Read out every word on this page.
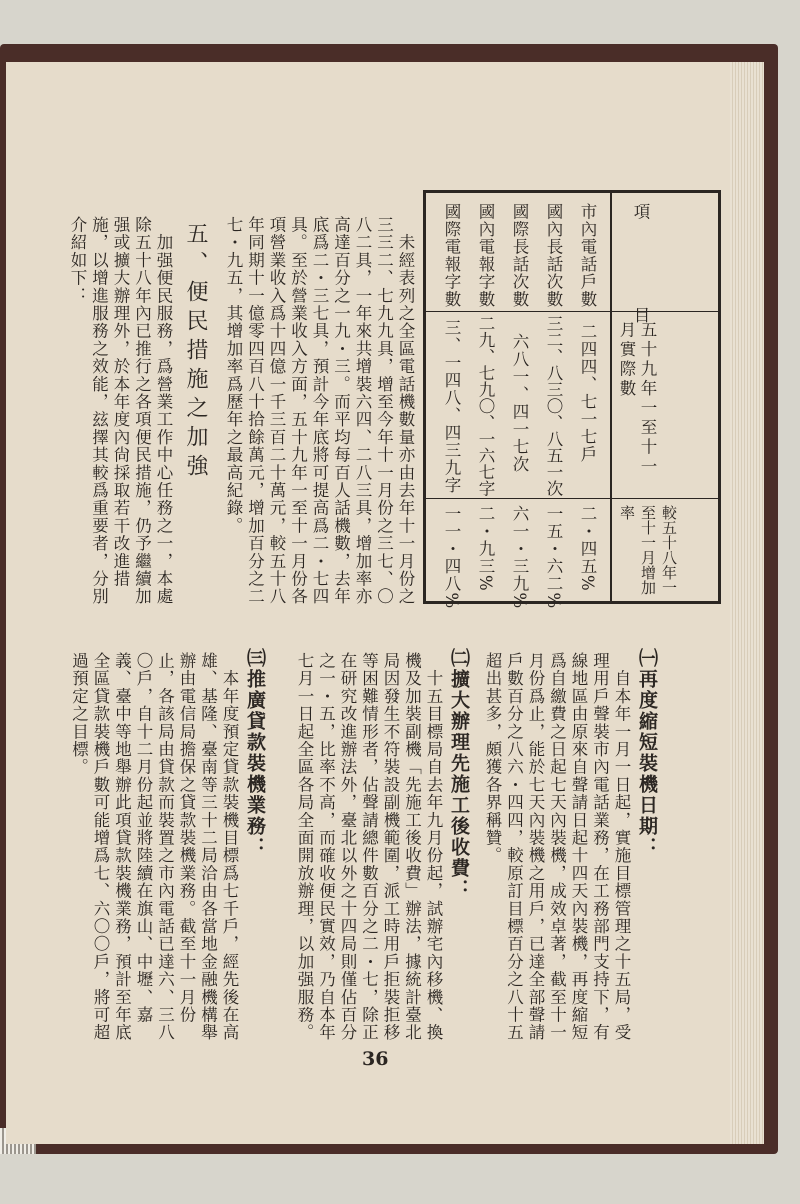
項　　目
五十九年一至十一月實際數
較五十八年一至十一月增加率
市內電話戶數
二四四、七一七戶
二・四五%
國內長話次數
三二、八三〇、八五一次
一五・六二%
國際長話次數
六八一、四一七次
六一・三九%
國內電報字數
二九、七九〇、一六七字
二・九三%
國際電報字數
三、一四八、四三九字
一一・四八%
　未經表列之全區電話機數量亦由去年十一月份之三三二、七九九具，增至今年十一月份之三七、〇八二具，一年來共增裝六四、二八三具，增加率亦高達百分之一九・三。而平均每百人話機數，去年底爲二・三七具，預計今年底將可提高爲二・七四具。至於營業收入方面，五十九年一至十一月份各項營業收入爲十四億一千三百二十萬元，較五十八年同期十一億零四百八十拾餘萬元，增加百分之二七・九五，其增加率爲歷年之最高紀錄。
五、便民措施之加強
　加强便民服務，爲營業工作中心任務之一，本處除五十八年內已推行之各項便民措施，仍予繼續加强或擴大辦理外，於本年度內尙採取若干改進措施，以增進服務之效能，玆擇其較爲重要者，分別介紹如下：
㈠再度縮短裝機日期：
　自本年一月一日起，實施目標管理之十五局，受理用戶聲裝市內電話業務，在工務部門支持下，有線地區由原來自聲請日起十四天內裝機，再度縮短爲自繳費之日起七天內裝機，成效卓著，截至十一月份爲止，能於七天內裝機之用戶，已達全部聲請戶數百分之八六・四四，較原訂目標百分之八十五超出甚多，頗獲各界稱贊。
㈡擴大辦理先施工後收費：
　十五目標局自去年九月份起，試辦宅內移機、換機及加裝副機「先施工後收費」辦法，據統計臺北局因發生不符裝設副機範圍，派工時用戶拒裝拒移等困難情形者，佔聲請總件數百分之二・七，除正在研究改進辦法外，臺北以外之十四局則僅佔百分之一・五，比率不高，而確收便民實效，乃自本年七月一日起全區各局全面開放辦理，以加强服務。
㈢推廣貸款裝機業務：
　本年度預定貸款裝機目標爲七千戶，經先後在高雄、基隆、臺南等三十二局洽由各當地金融機構舉辦由電信局擔保之貸款裝機業務。截至十一月份止，各該局由貸款而裝置之市內電話已達六、三八〇戶，自十二月份起並將陸續在旗山、中壢、嘉義、臺中等地舉辦此項貸款裝機業務，預計至年底全區貸款裝機戶數可能增爲七、六〇〇戶，將可超過預定之目標。
36
